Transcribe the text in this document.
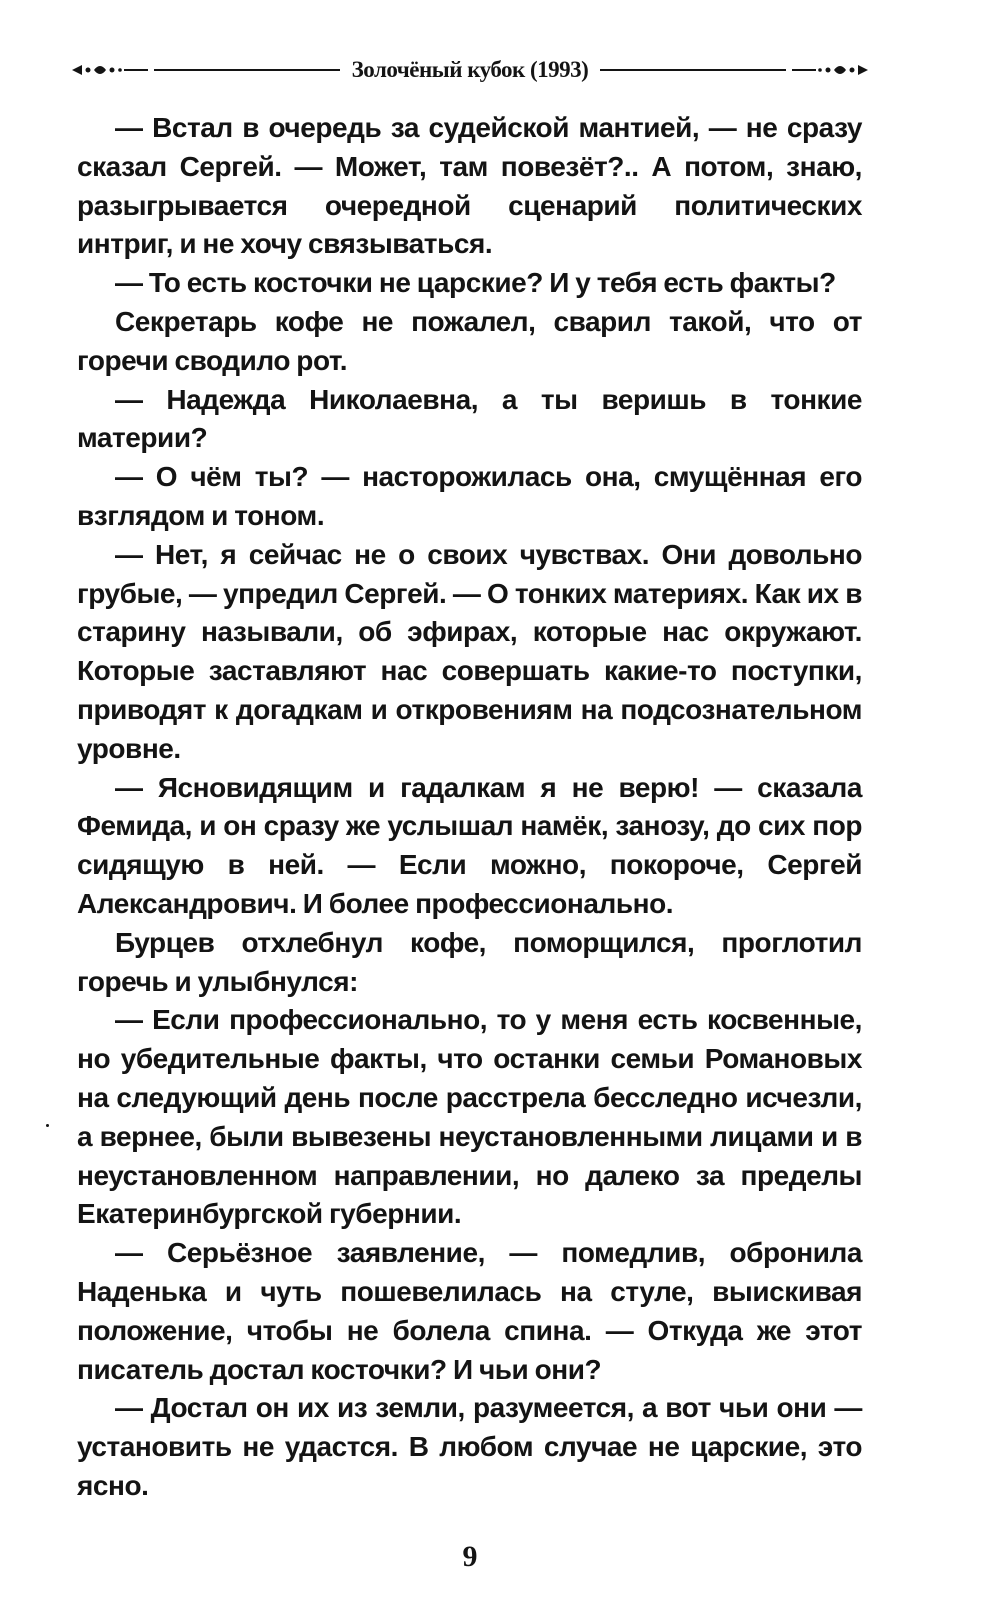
Золочёный кубок (1993)

— Встал в очередь за судейской мантией, — не сразу сказал Сергей. — Может, там повезёт?.. А потом, знаю, разыгрывается очередной сценарий политических интриг, и не хочу связываться.

— То есть косточки не царские? И у тебя есть факты?

Секретарь кофе не пожалел, сварил такой, что от горечи сводило рот.

— Надежда Николаевна, а ты веришь в тонкие материи?

— О чём ты? — насторожилась она, смущённая его взглядом и тоном.

— Нет, я сейчас не о своих чувствах. Они довольно грубые, — упредил Сергей. — О тонких материях. Как их в старину называли, об эфирах, которые нас окружают. Которые заставляют нас совершать какие-то поступки, приводят к догадкам и откровениям на подсознательном уровне.

— Ясновидящим и гадалкам я не верю! — сказала Фемида, и он сразу же услышал намёк, занозу, до сих пор сидящую в ней. — Если можно, покороче, Сергей Александрович. И более профессионально.

Бурцев отхлебнул кофе, поморщился, проглотил горечь и улыбнулся:

— Если профессионально, то у меня есть косвенные, но убедительные факты, что останки семьи Романовых на следующий день после расстрела бесследно исчезли, а вернее, были вывезены неустановленными лицами и в неустановленном направлении, но далеко за пределы Екатеринбургской губернии.

— Серьёзное заявление, — помедлив, обронила Наденька и чуть пошевелилась на стуле, выискивая положение, чтобы не болела спина. — Откуда же этот писатель достал косточки? И чьи они?

— Достал он их из земли, разумеется, а вот чьи они — установить не удастся. В любом случае не царские, это ясно.

9
